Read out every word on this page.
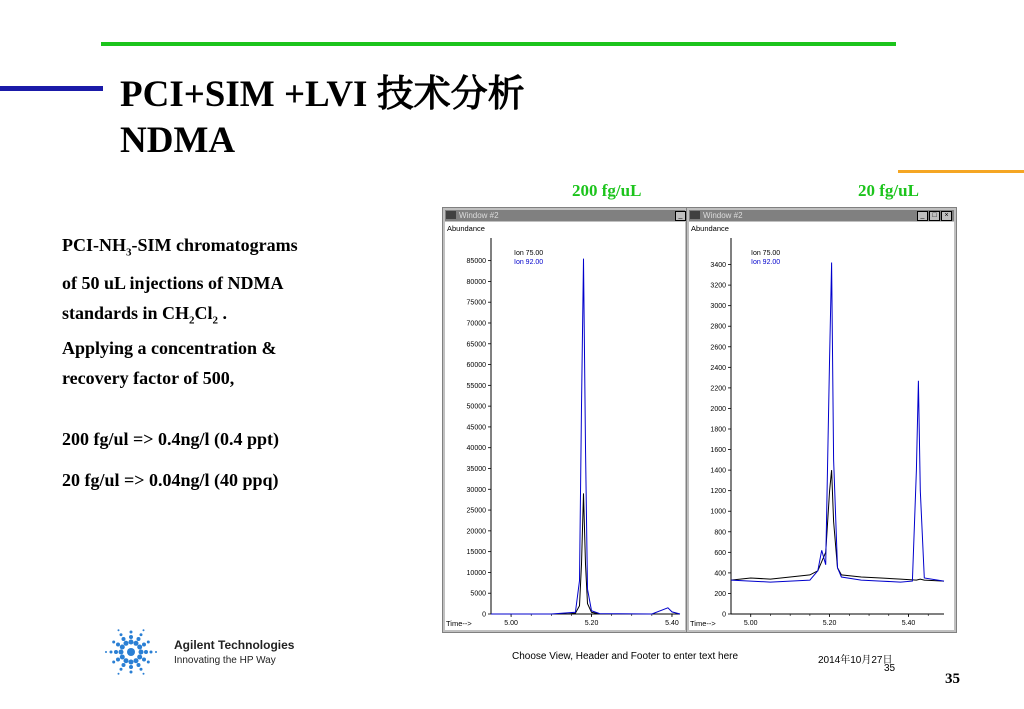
PCI+SIM +LVI 技术分析
NDMA
200 fg/uL	20 fg/uL
PCI-$NH_3$-SIM chromatograms
of 50 uL injections of NDMA
standards in $CH_2Cl_2$ .
Applying a concentration &
recovery factor of 500,
200 fg/ul => 0.4ng/l (0.4 ppt)
20 fg/ul => 0.04ng/l (40 ppq)
Window #2	_
Abundance
0
5000
10000
15000
20000
25000
30000
35000
40000
45000
50000
55000
60000
65000
70000
75000
80000
85000
Time-->	5.00	5.20	5.40
Ion 75.00
Ion 92.00
Window #2	_	□	×
Abundance
0
200
400
600
800
1000
1200
1400
1600
1800
2000
2200
2400
2600
2800
3000
3200
3400
Time-->	5.00	5.20	5.40
Ion 75.00
Ion 92.00
Agilent Technologies
Innovating the HP Way	Choose View, Header and Footer to enter text here	2014年10月27日
35
35
